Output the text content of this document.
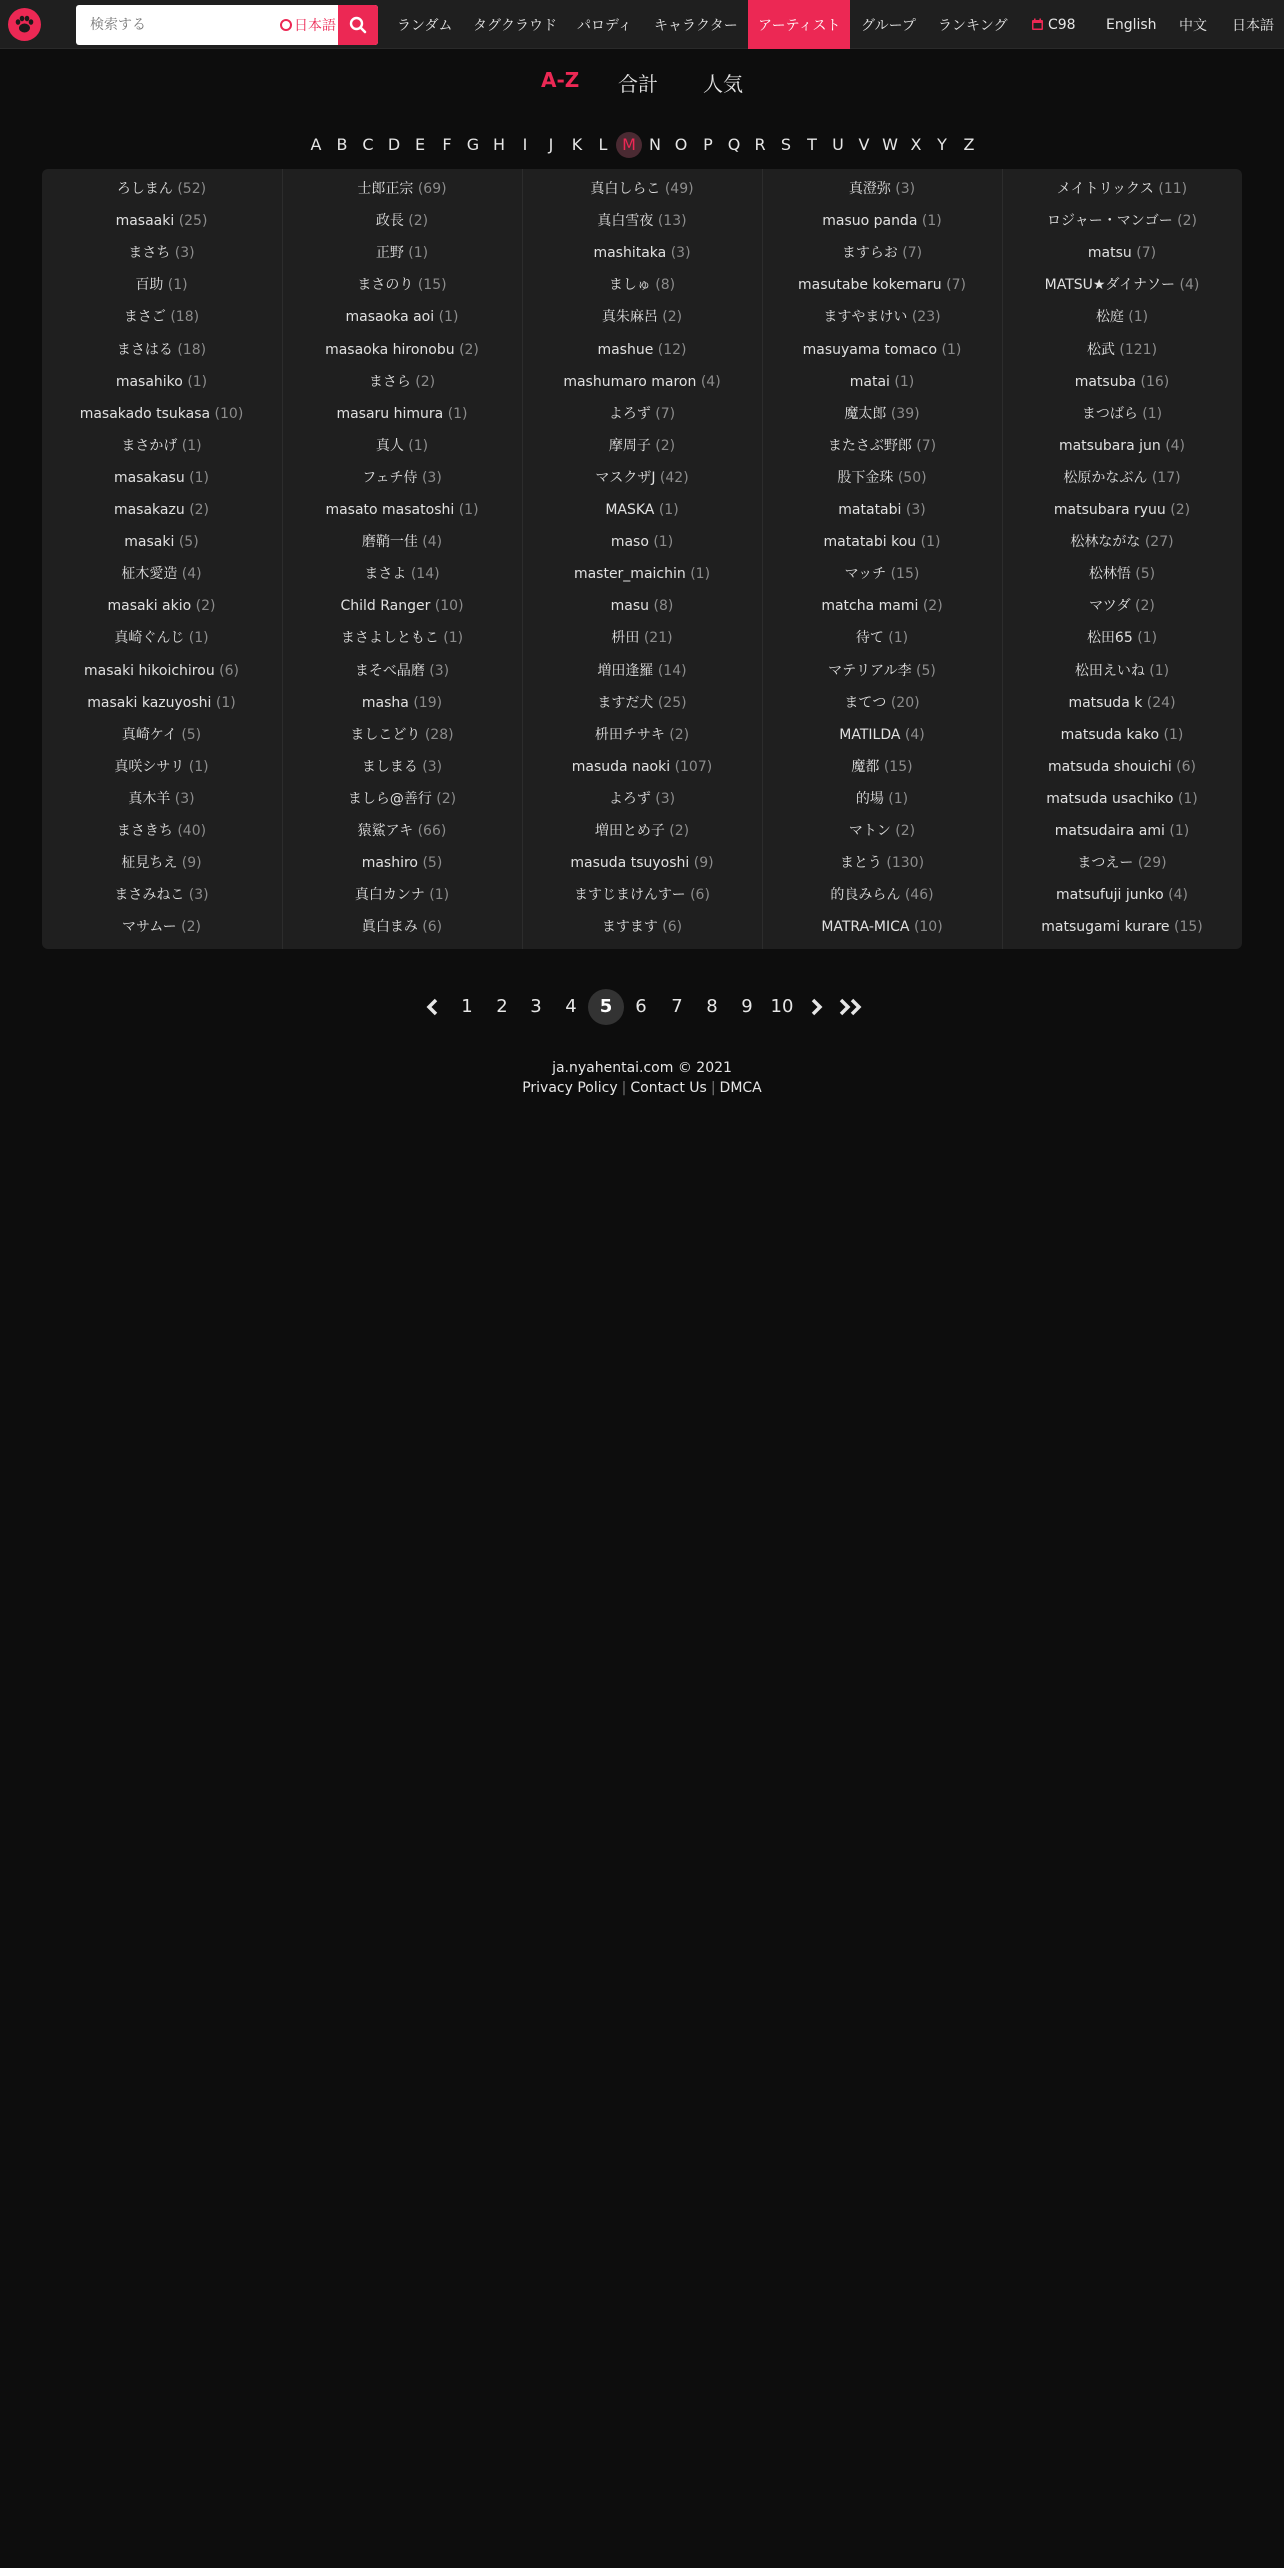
検索する
日本語	ランダム タグクラウド パロディ キャラクター	アーティスト	グループ ランキング	C98 English 中文 日本語
A-Z 合計 人気
A B C D E	F G H	I	J	K	L M N O P Q R S	T U V W X Y	Z
ろしまん (52)
masaaki (25)
まさち (3)
百助 (1)
まさご (18)
まさはる (18)
masahiko (1)
masakado tsukasa (10)
まさかげ (1)
masakasu (1)
masakazu (2)
masaki (5)
柾木愛造 (4)
masaki akio (2)
真崎ぐんじ (1)
masaki hikoichirou (6)
masaki kazuyoshi (1)
真崎ケイ (5)
真咲シサリ (1)
真木羊 (3)
まさきち (40)
柾見ちえ (9)
まさみねこ (3)
マサムー (2)
士郎正宗 (69)
政長 (2)
正野 (1)
まさのり (15)
masaoka aoi (1)
masaoka hironobu (2)
まさら (2)
masaru himura (1)
真人 (1)
フェチ侍 (3)
masato masatoshi (1)
磨鞘一佳 (4)
まさよ (14)
Child Ranger (10)
まさよしともこ (1)
まそべ晶磨 (3)
masha (19)
ましこどり (28)
ましまる (3)
ましら@善行 (2)
猿鯊アキ (66)
mashiro (5)
真白カンナ (1)
眞白まみ (6)
真白しらこ (49)
真白雪夜 (13)
mashitaka (3)
ましゅ (8)
真朱麻呂 (2)
mashue (12)
mashumaro maron (4)
よろず (7)
摩周子 (2)
マスクザJ (42)
MASKA (1)
maso (1)
master_maichin (1)
masu (8)
枡田 (21)
増田逢羅 (14)
ますだ犬 (25)
枡田チサキ (2)
masuda naoki (107)
よろず (3)
増田とめ子 (2)
masuda tsuyoshi (9)
ますじまけんすー (6)
ますます (6)
真澄弥 (3)
masuo panda (1)
ますらお (7)
masutabe kokemaru (7)
ますやまけい (23)
masuyama tomaco (1)
matai (1)
魔太郎 (39)
またさぶ野郎 (7)
股下金珠 (50)
matatabi (3)
matatabi kou (1)
マッチ (15)
matcha mami (2)
待て (1)
マテリアル李 (5)
まてつ (20)
MATILDA (4)
魔都 (15)
的場 (1)
マトン (2)
まとう (130)
的良みらん (46)
MATRA-MICA (10)
メイトリックス (11)
ロジャー・マンゴー (2)
matsu (7)
MATSU★ダイナソー (4)
松庭 (1)
松武 (121)
matsuba (16)
まつばら (1)
matsubara jun (4)
松原かなぶん (17)
matsubara ryuu (2)
松林ながな (27)
松林悟 (5)
マツダ (2)
松田65 (1)
松田えいね (1)
matsuda k (24)
matsuda kako (1)
matsuda shouichi (6)
matsuda usachiko (1)
matsudaira ami (1)
まつえー (29)
matsufuji junko (4)
matsugami kurare (15)
1 2 3 4	5	6 7 8 9 10
ja.nyahentai.com © 2021
Privacy Policy | Contact Us | DMCA
